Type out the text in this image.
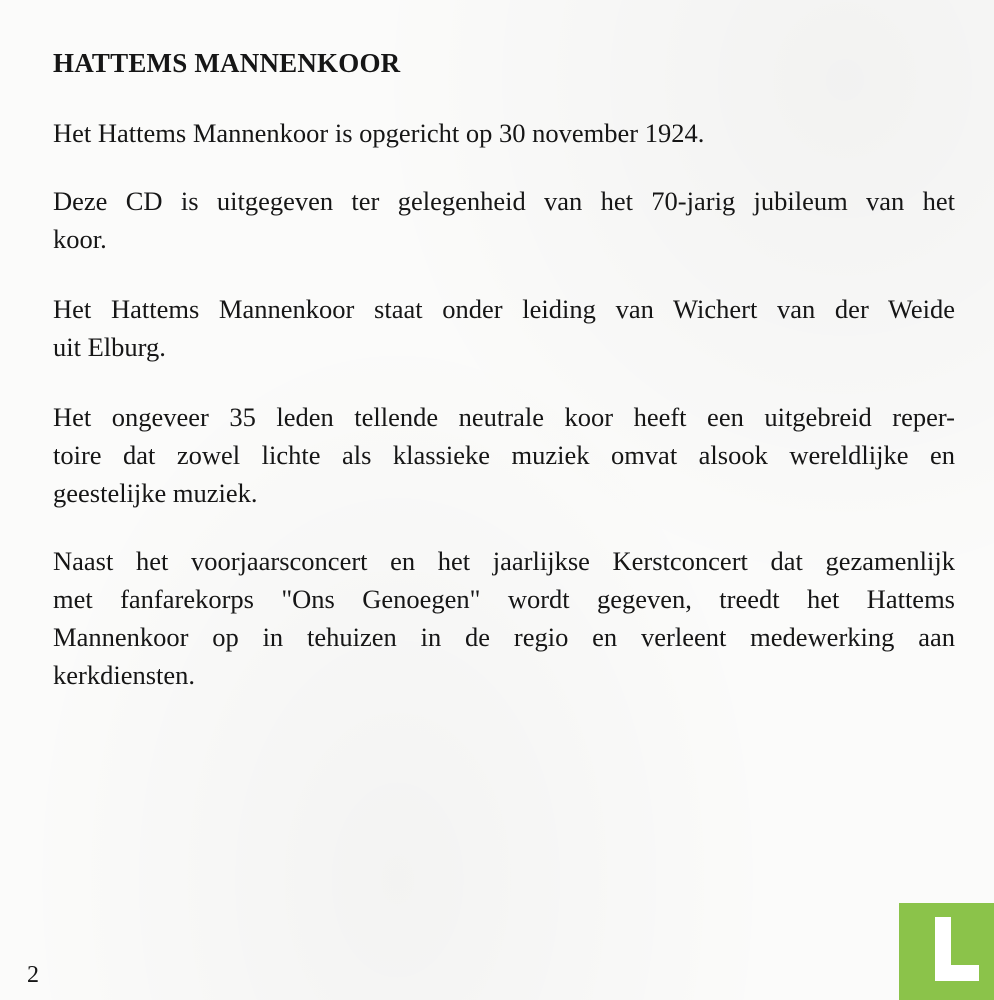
HATTEMS MANNENKOOR
Het Hattems Mannenkoor is opgericht op 30 november 1924.
Deze CD is uitgegeven ter gelegenheid van het 70-jarig jubileum van het
koor.
Het Hattems Mannenkoor staat onder leiding van Wichert van der Weide
uit Elburg.
Het ongeveer 35 leden tellende neutrale koor heeft een uitgebreid reper-
toire dat zowel lichte als klassieke muziek omvat alsook wereldlijke en
geestelijke muziek.
Naast het voorjaarsconcert en het jaarlijkse Kerstconcert dat gezamenlijk
met fanfarekorps "Ons Genoegen" wordt gegeven, treedt het Hattems
Mannenkoor op in tehuizen in de regio en verleent medewerking aan
kerkdiensten.
2
